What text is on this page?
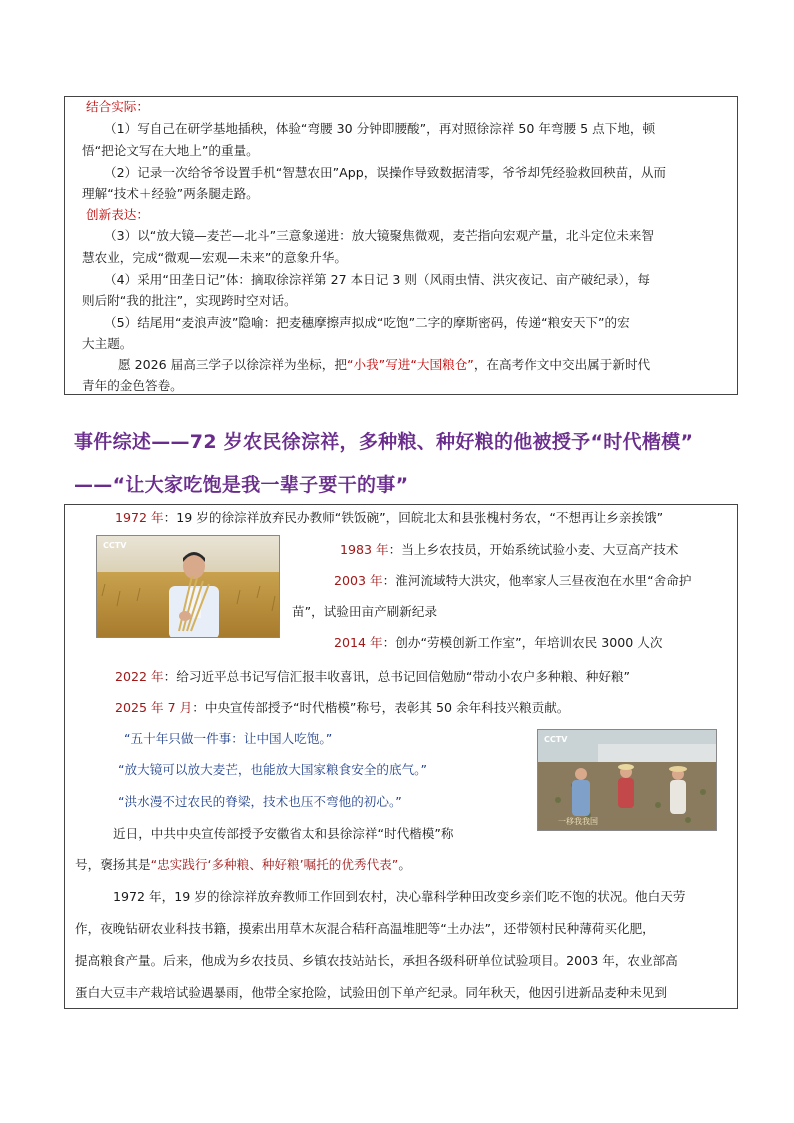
结合实际：
（1）写自己在研学基地插秧，体验“弯腰 30 分钟即腰酸”，再对照徐淙祥 50 年弯腰 5 点下地，顿
悟“把论文写在大地上”的重量。
（2）记录一次给爷爷设置手机“智慧农田”App，误操作导致数据清零，爷爷却凭经验救回秧苗，从而
理解“技术＋经验”两条腿走路。
创新表达：
（3）以“放大镜—麦芒—北斗”三意象递进：放大镜聚焦微观，麦芒指向宏观产量，北斗定位未来智
慧农业，完成“微观—宏观—未来”的意象升华。
（4）采用“田垄日记”体：摘取徐淙祥第 27 本日记 3 则（风雨虫情、洪灾夜记、亩产破纪录），每
则后附“我的批注”，实现跨时空对话。
（5）结尾用“麦浪声波”隐喻：把麦穗摩擦声拟成“吃饱”二字的摩斯密码，传递“粮安天下”的宏
大主题。
愿 2026 届高三学子以徐淙祥为坐标，把“小我”写进“大国粮仓”，在高考作文中交出属于新时代
青年的金色答卷。
事件综述——72 岁农民徐淙祥，多种粮、种好粮的他被授予“时代楷模”
——“让大家吃饱是我一辈子要干的事”
1972 年：19 岁的徐淙祥放弃民办教师“铁饭碗”，回皖北太和县张槐村务农，“不想再让乡亲挨饿”
CCTV	1983 年：当上乡农技员，开始系统试验小麦、大豆高产技术
2003 年：淮河流域特大洪灾，他率家人三昼夜泡在水里“舍命护
苗”，试验田亩产刷新纪录
2014 年：创办“劳模创新工作室”，年培训农民 3000 人次
2022 年：给习近平总书记写信汇报丰收喜讯，总书记回信勉励“带动小农户多种粮、种好粮”
2025 年 7 月：中央宣传部授予“时代楷模”称号，表彰其 50 余年科技兴粮贡献。
CCTV
一移我我国
“五十年只做一件事：让中国人吃饱。”
“放大镜可以放大麦芒，也能放大国家粮食安全的底气。”
“洪水漫不过农民的脊梁，技术也压不弯他的初心。”
近日，中共中央宣传部授予安徽省太和县徐淙祥“时代楷模”称
号，褒扬其是“忠实践行‘多种粮、种好粮’嘱托的优秀代表”。
1972 年，19 岁的徐淙祥放弃教师工作回到农村，决心靠科学种田改变乡亲们吃不饱的状况。他白天劳
作，夜晚钻研农业科技书籍，摸索出用草木灰混合秸秆高温堆肥等“土办法”，还带领村民种薄荷买化肥，
提高粮食产量。后来，他成为乡农技员、乡镇农技站站长，承担各级科研单位试验项目。2003 年，农业部高
蛋白大豆丰产栽培试验遇暴雨，他带全家抢险，试验田创下单产纪录。同年秋天，他因引进新品麦种未见到
